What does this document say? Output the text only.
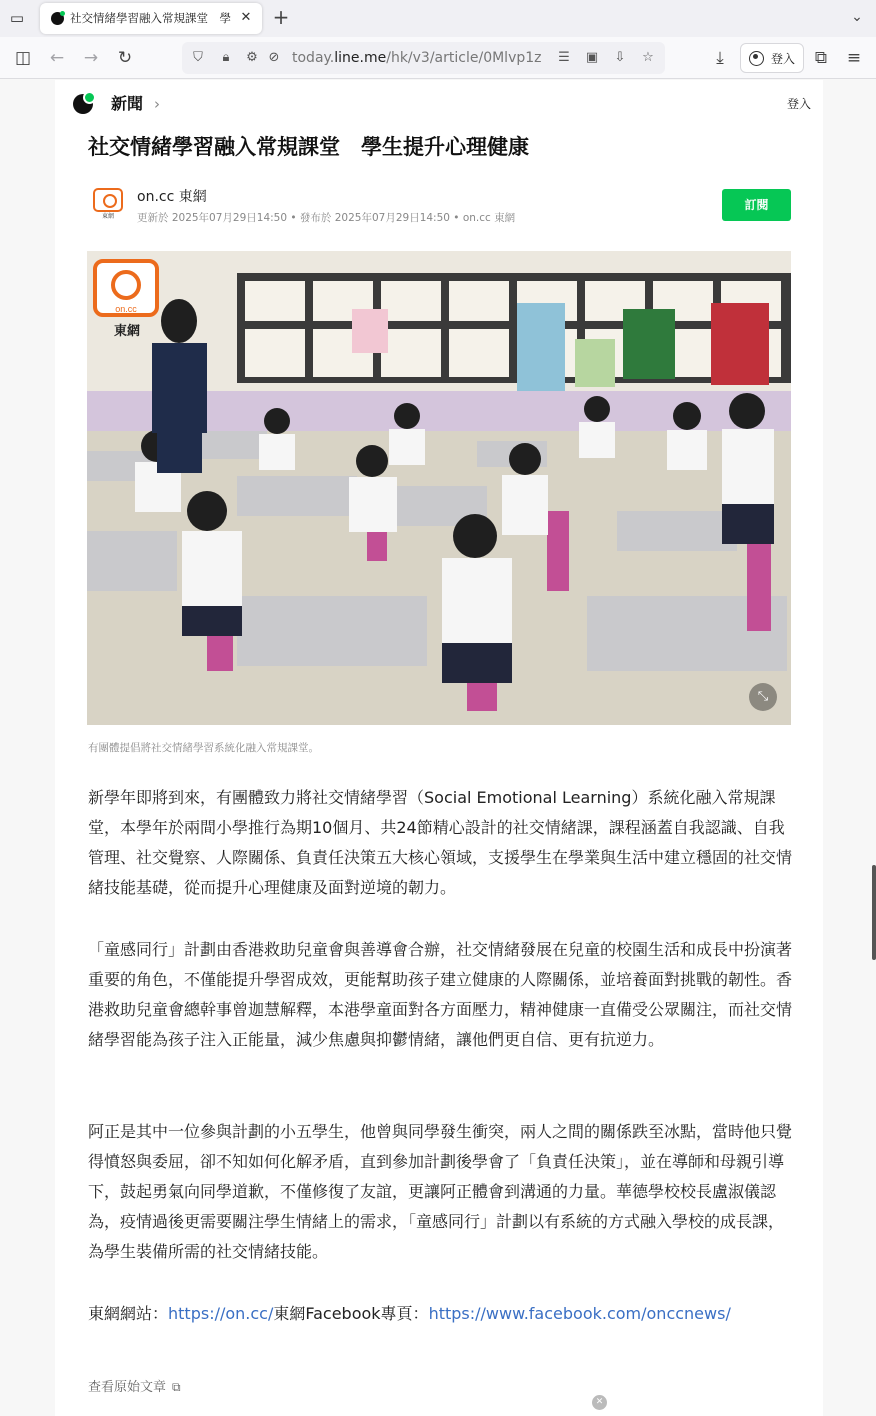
▭	社交情緒學習融入常規課堂　學 ✕ +	⌄
◫ ← → ↻	⛉	🔒︎	⚙ ⊘ today.line.me/hk/v3/article/0Mlvp1z ☰ ▣ ⇩ ☆	⤓	登入 ⧉ ≡
新聞 ›	登入
社交情緒學習融入常規課堂　學生提升心理健康
東網
on.cc 東網
更新於 2025年07月29日14:50 • 發布於 2025年07月29日14:50 • on.cc 東網
訂閱
on.cc
東網
⤡
有團體提倡將社交情緒學習系統化融入常規課堂。

新學年即將到來，有團體致力將社交情緒學習（Social Emotional Learning）系統化融入常規課堂，本學年於兩間小學推行為期10個月、共24節精心設計的社交情緒課，課程涵蓋自我認識、自我管理、社交覺察、人際關係、負責任決策五大核心領域，支援學生在學業與生活中建立穩固的社交情緒技能基礎，從而提升心理健康及面對逆境的韌力。

「童感同行」計劃由香港救助兒童會與善導會合辦，社交情緒發展在兒童的校園生活和成長中扮演著重要的角色，不僅能提升學習成效，更能幫助孩子建立健康的人際關係，並培養面對挑戰的韌性。香港救助兒童會總幹事曾迦慧解釋，本港學童面對各方面壓力，精神健康一直備受公眾關注，而社交情緒學習能為孩子注入正能量，減少焦慮與抑鬱情緒，讓他們更自信、更有抗逆力。

阿正是其中一位參與計劃的小五學生，他曾與同學發生衝突，兩人之間的關係跌至冰點，當時他只覺得憤怒與委屈，卻不知如何化解矛盾，直到參加計劃後學會了「負責任決策」，並在導師和母親引導下，鼓起勇氣向同學道歉，不僅修復了友誼，更讓阿正體會到溝通的力量。華德學校校長盧淑儀認為，疫情過後更需要關注學生情緒上的需求，「童感同行」計劃以有系統的方式融入學校的成長課，為學生裝備所需的社交情緒技能。

東網網站：https://on.cc/東網Facebook專頁：https://www.facebook.com/onccnews/

查看原始文章 ⧉
✕
